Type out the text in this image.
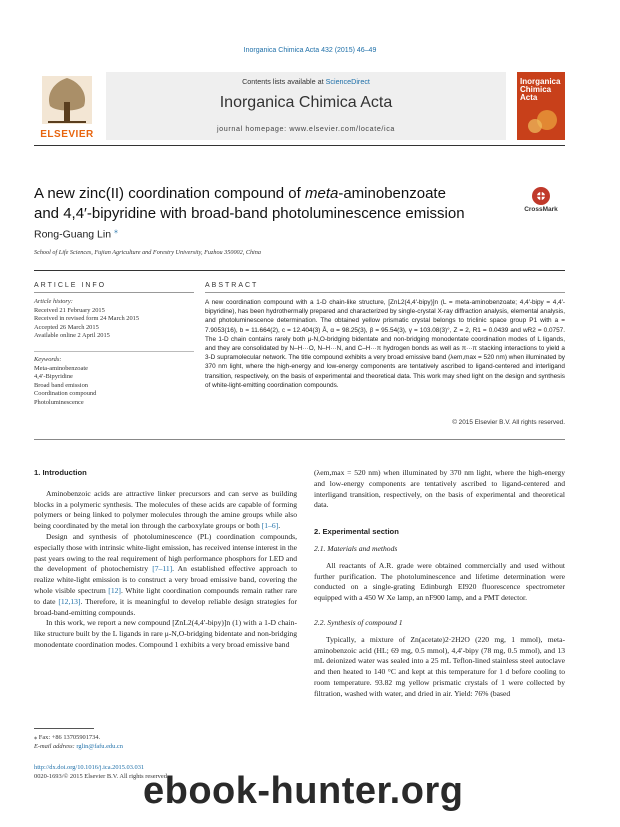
Inorganica Chimica Acta 432 (2015) 46–49
ELSEVIER
Contents lists available at ScienceDirect
Inorganica Chimica Acta
journal homepage: www.elsevier.com/locate/ica
Inorganica Chimica Acta
A new zinc(II) coordination compound of meta-aminobenzoate
and 4,4′-bipyridine with broad-band photoluminescence emission	CrossMark
Rong-Guang Lin ⁎
School of Life Sciences, Fujian Agriculture and Forestry University, Fuzhou 350002, China
ARTICLE INFO	ABSTRACT
Article history:
Received 21 February 2015
Received in revised form 24 March 2015
Accepted 26 March 2015
Available online 2 April 2015
Keywords:
Meta-aminobenzoate
4,4′-Bipyridine
Broad band emission
Coordination compound
Photoluminescence
A new coordination compound with a 1-D chain-like structure, [ZnL2(4,4′-bipy)]n (L = meta-aminobenzoate; 4,4′-bipy = 4,4′-bipyridine), has been hydrothermally prepared and characterized by single-crystal X-ray diffraction analysis, elemental analysis, and photoluminescence determination. The obtained yellow prismatic crystal belongs to triclinic space group P1 with a = 7.9053(16), b = 11.664(2), c = 12.404(3) Å, α = 98.25(3), β = 95.54(3), γ = 103.08(3)°, Z = 2, R1 = 0.0439 and wR2 = 0.0757. The 1-D chain contains rarely both μ-N,O-bridging bidentate and non-bridging monodentate coordination modes of L ligands, and they are consolidated by N–H···O, N–H···N, and C–H···π hydrogen bonds as well as π···π stacking interactions to yield a 3-D supramolecular network. The title compound exhibits a very broad emissive band (λem,max = 520 nm) when illuminated by 370 nm light, where the high-energy and low-energy components are tentatively ascribed to ligand-centered and interligand transition, respectively, on the basis of experimental and theoretical data. This work may shed light on the design and synthesis of white-light-emitting coordination compounds.
© 2015 Elsevier B.V. All rights reserved.
1. Introduction

Aminobenzoic acids are attractive linker precursors and can serve as building blocks in a polymeric synthesis. The molecules of these acids are capable of forming polymers or being linked to polymer molecules through the amine groups while also being coordinated by the metal ion through the carboxylate groups or both [1–6].

Design and synthesis of photoluminescence (PL) coordination compounds, especially those with intrinsic white-light emission, has received intense interest in the past years owing to the real requirement of high performance phosphors for LED and the development of photochemistry [7–11]. An established effective approach to realize white-light emission is to construct a very broad emissive band, covering the whole visible spectrum [12]. White light coordination compounds remain rather rare to date [12,13]. Therefore, it is meaningful to develop reliable design strategies for broad-band-emitting compounds.

In this work, we report a new compound [ZnL2(4,4′-bipy)]n (1) with a 1-D chain-like structure built by the L ligands in rare μ-N,O-bridging bidentate and non-bridging monodentate coordination modes. Compound 1 exhibits a very broad emissive band

(λem,max = 520 nm) when illuminated by 370 nm light, where the high-energy and low-energy components are tentatively ascribed to ligand-centered and interligand transition, respectively, on the basis of experimental and theoretical data.
2. Experimental section
2.1. Materials and methods

All reactants of A.R. grade were obtained commercially and used without further purification. The photoluminescence and lifetime determination were conducted on a single-grating Edinburgh EI920 fluorescence spectrometer equipped with a 450 W Xe lamp, an nF900 lamp, and a PMT detector.

2.2. Synthesis of compound 1

Typically, a mixture of Zn(acetate)2·2H2O (220 mg, 1 mmol), meta-aminobenzoic acid (HL; 69 mg, 0.5 mmol), 4,4′-bipy (78 mg, 0.5 mmol), and 13 mL deionized water was sealed into a 25 mL Teflon-lined stainless steel autoclave and then heated to 140 °C and kept at this temperature for 1 d before cooling to room temperature. 93.82 mg yellow prismatic crystals of 1 were collected by filtration, washed with water, and dried in air. Yield: 76% (based

⁎ Fax: +86 13705901734.
E-mail address: rglin@fafu.edu.cn
http://dx.doi.org/10.1016/j.ica.2015.03.031
0020-1693/© 2015 Elsevier B.V. All rights reserved.
ebook-hunter.org
